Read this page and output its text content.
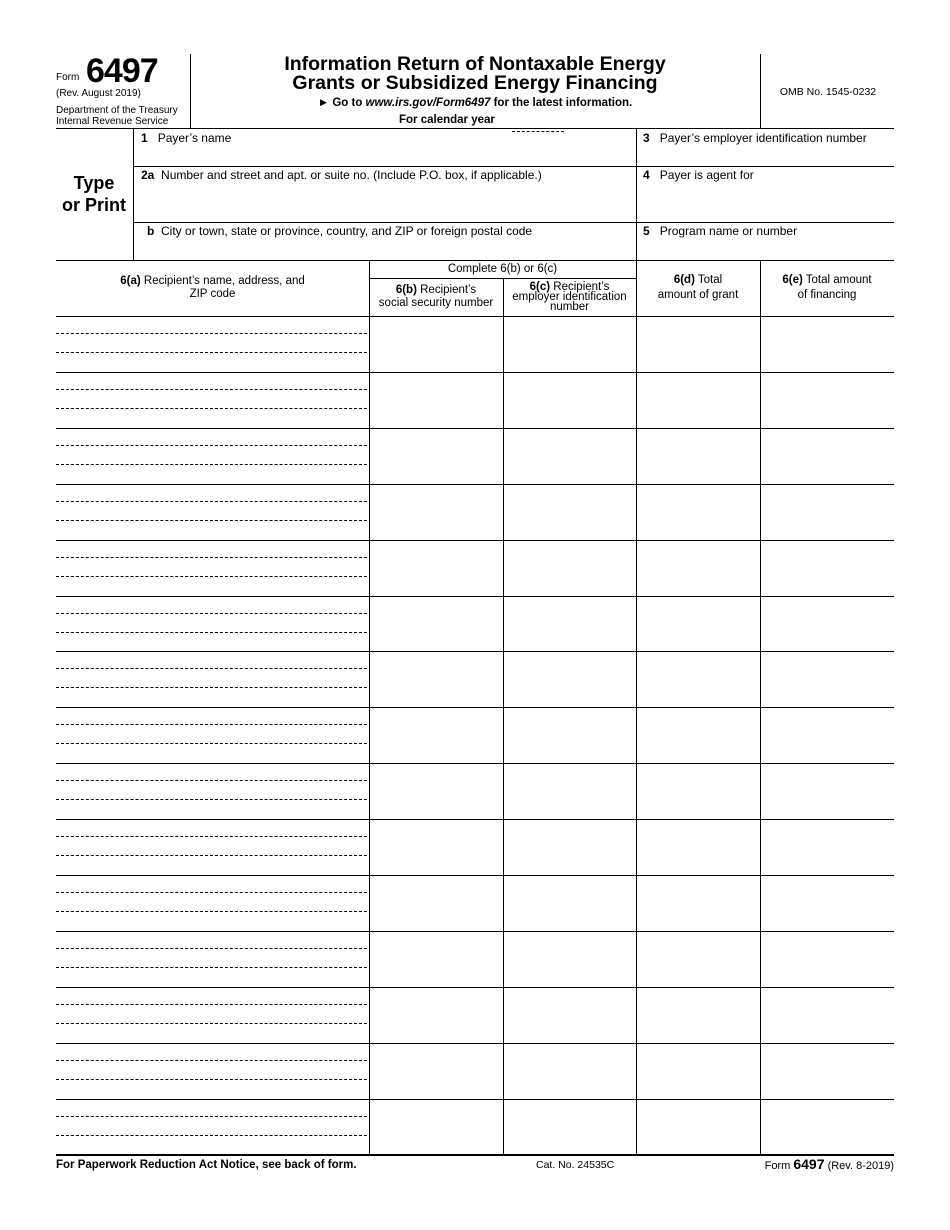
Form 6497
(Rev. August 2019)
Department of the Treasury
Internal Revenue Service
Information Return of Nontaxable Energy
Grants or Subsidized Energy Financing
► Go to www.irs.gov/Form6497 for the latest information.
For calendar year
OMB No. 1545-0232
Type
or Print
1 Payer’s name
2a Number and street and apt. or suite no. (Include P.O. box, if applicable.)
b City or town, state or province, country, and ZIP or foreign postal code
3 Payer’s employer identification number
4 Payer is agent for
5 Program name or number
Complete 6(b) or 6(c)
6(a) Recipient’s name, address, and
ZIP code	6(b) Recipient’s
social security number
6(c) Recipient’s
employer identification
number
6(d) Total
amount of grant
6(e) Total amount
of financing
For Paperwork Reduction Act Notice, see back of form.	Cat. No. 24535C	Form 6497 (Rev. 8-2019)
